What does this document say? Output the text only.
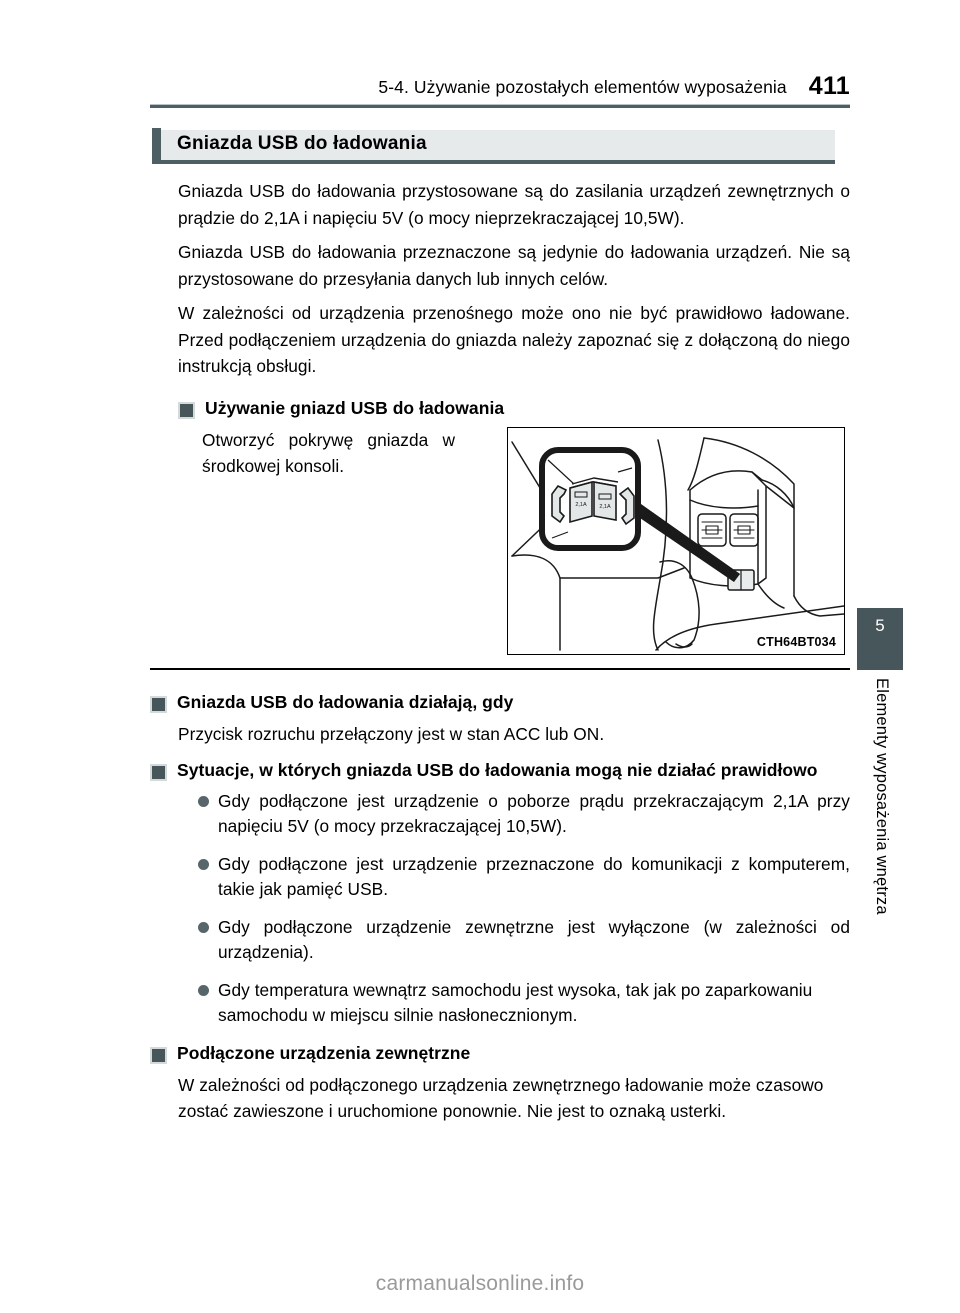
5-4. Używanie pozostałych elementów wyposażenia 411
Gniazda USB do ładowania

Gniazda USB do ładowania przystosowane są do zasilania urządzeń zewnętrznych o prądzie do 2,1A i napięciu 5V (o mocy nieprzekraczającej 10,5W).

Gniazda USB do ładowania przeznaczone są jedynie do ładowania urządzeń. Nie są przystosowane do przesyłania danych lub innych celów.

W zależności od urządzenia przenośnego może ono nie być prawidłowo ładowane. Przed podłączeniem urządzenia do gniazda należy zapoznać się z dołączoną do niego instrukcją obsługi.

Używanie gniazd USB do ładowania
Otworzyć pokrywę gniazda w środkowej konsoli.
2,1A 2,1A
CTH64BT034
Gniazda USB do ładowania działają, gdy

Przycisk rozruchu przełączony jest w stan ACC lub ON.

Sytuacje, w których gniazda USB do ładowania mogą nie działać prawidłowo
Gdy podłączone jest urządzenie o poborze prądu przekraczającym 2,1A przy napięciu 5V (o mocy przekraczającej 10,5W).
Gdy podłączone jest urządzenie przeznaczone do komunikacji z komputerem, takie jak pamięć USB.
Gdy podłączone urządzenie zewnętrzne jest wyłączone (w zależności od urządzenia).
Gdy temperatura wewnątrz samochodu jest wysoka, tak jak po zaparkowaniu samochodu w miejscu silnie nasłonecznionym.
Podłączone urządzenia zewnętrzne

W zależności od podłączonego urządzenia zewnętrznego ładowanie może czasowo zostać zawieszone i uruchomione ponownie. Nie jest to oznaką usterki.

5
Elementy wyposażenia wnętrza
carmanualsonline.info
